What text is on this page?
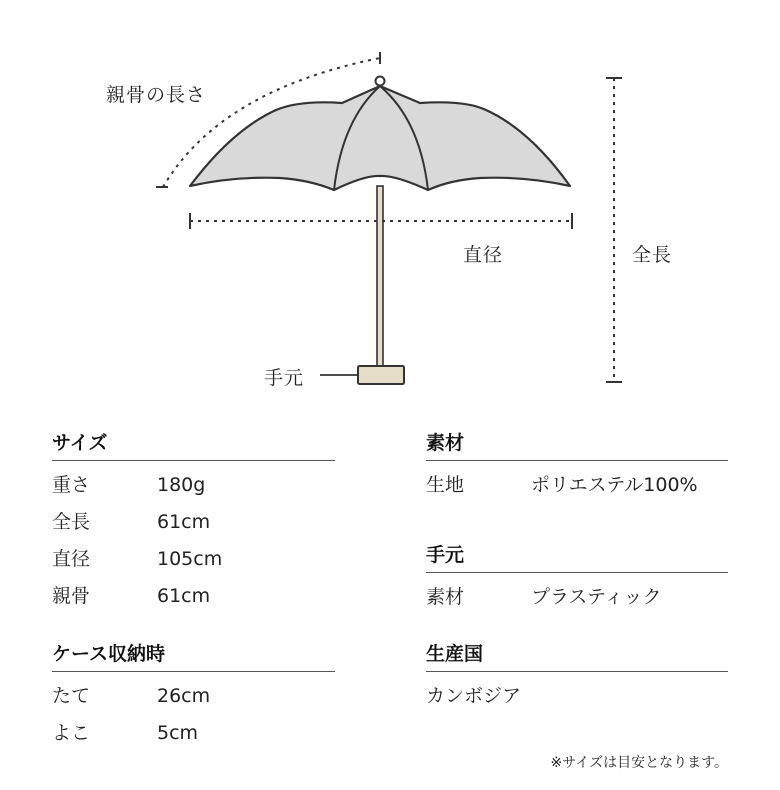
親骨の長さ
直径	全長
手元
サイズ
重さ	180g
全長	61cm
直径	105cm
親骨	61cm
ケース収納時
たて	26cm
よこ	5cm
素材
生地	ポリエステル100%
手元
素材	プラスティック
生産国
カンボジア
※サイズは目安となります。
